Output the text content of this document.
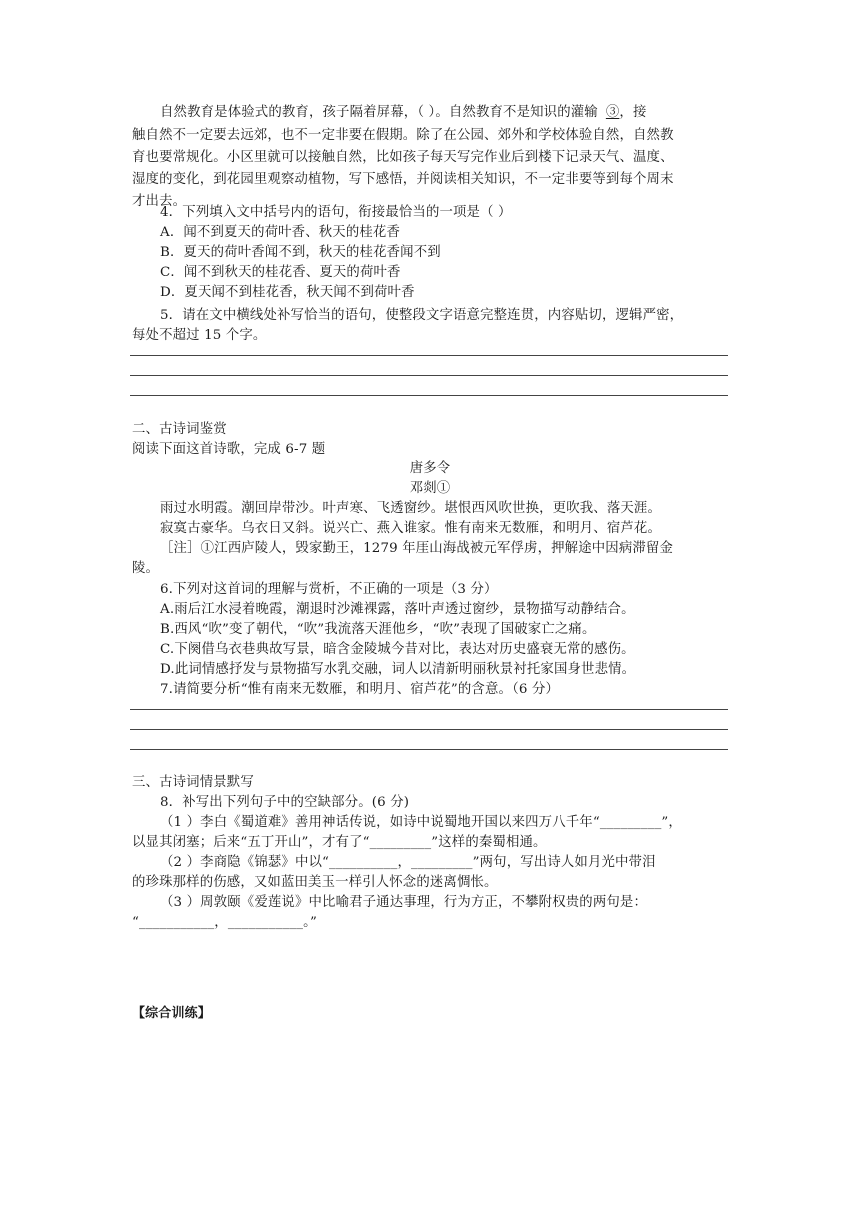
自然教育是体验式的教育，孩子隔着屏幕，（ ）。自然教育不是知识的灌输 ③，接
触自然不一定要去远郊，也不一定非要在假期。除了在公园、郊外和学校体验自然，自然教
育也要常规化。小区里就可以接触自然，比如孩子每天写完作业后到楼下记录天气、温度、
湿度的变化，到花园里观察动植物，写下感悟，并阅读相关知识，不一定非要等到每个周末
才出去。
4．下列填入文中括号内的语句，衔接最恰当的一项是（ ）
A．闻不到夏天的荷叶香、秋天的桂花香
B．夏天的荷叶香闻不到，秋天的桂花香闻不到
C．闻不到秋天的桂花香、夏天的荷叶香
D．夏天闻不到桂花香，秋天闻不到荷叶香
5．请在文中横线处补写恰当的语句，使整段文字语意完整连贯，内容贴切，逻辑严密，
每处不超过 15 个字。
二、古诗词鉴赏
阅读下面这首诗歌，完成 6-7 题
唐多令
邓剡①
雨过水明霞。潮回岸带沙。叶声寒、飞透窗纱。堪恨西风吹世换，更吹我、落天涯。
寂寞古豪华。乌衣日又斜。说兴亡、燕入谁家。惟有南来无数雁，和明月、宿芦花。
［注］①江西庐陵人，毁家勤王，1279 年厓山海战被元军俘虏，押解途中因病滞留金
陵。
6.下列对这首词的理解与赏析，不正确的一项是（3 分）
A.雨后江水浸着晚霞，潮退时沙滩裸露，落叶声透过窗纱，景物描写动静结合。
B.西风“吹”变了朝代，“吹”我流落天涯他乡，“吹”表现了国破家亡之痛。
C.下阕借乌衣巷典故写景，暗含金陵城今昔对比，表达对历史盛衰无常的感伤。
D.此词情感抒发与景物描写水乳交融，词人以清新明丽秋景衬托家国身世悲情。
7.请简要分析“惟有南来无数雁，和明月、宿芦花”的含意。（6 分）
三、古诗词情景默写
8．补写出下列句子中的空缺部分。(6 分)
（1 ）李白《蜀道难》善用神话传说，如诗中说蜀地开国以来四万八千年“_________”，
以显其闭塞；后来“五丁开山”，才有了“_________”这样的秦蜀相通。
（2 ）李商隐《锦瑟》中以“__________，_________”两句，写出诗人如月光中带泪
的珍珠那样的伤感，又如蓝田美玉一样引人怀念的迷离惆怅。
（3 ）周敦颐《爱莲说》中比喻君子通达事理，行为方正，不攀附权贵的两句是：
“___________，___________。”
【综合训练】
